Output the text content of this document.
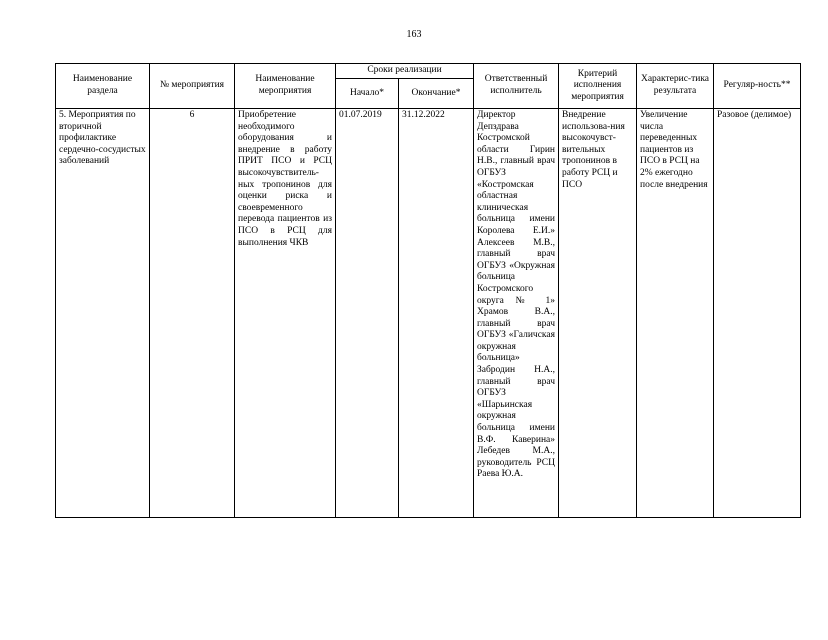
163
Наименование раздела	№ мероприятия	Наименование мероприятия	Сроки реализации		Ответственный исполнитель	Критерий исполнения мероприятия	Характерис-тика результата	Регуляр-ность**
			Начало*	Окончание*				
5. Мероприятия по вторичной профилактике сердечно-сосудистых заболеваний	6	Приобретение необходимого оборудования и внедрение в работу ПРИТ ПСО и РСЦ высокочувствитель-ных тропонинов для оценки риска и своевременного перевода пациентов из ПСО в РСЦ для выполнения ЧКВ	01.07.2019	31.12.2022	Директор Депздрава Костромской области Гирин Н.В., главный врач ОГБУЗ «Костромская областная клиническая больница имени Королева Е.И.» Алексеев М.В., главный врач ОГБУЗ «Окружная больница Костромского округа № 1» Храмов В.А., главный врач ОГБУЗ «Галичская окружная больница» Забродин Н.А., главный врач ОГБУЗ «Шарьинская окружная больница имени В.Ф. Каверина» Лебедев М.А., руководитель РСЦ Раева Ю.А.	Внедрение использова-ния высокочувст-вительных тропонинов в работу РСЦ и ПСО	Увеличение числа переведенных пациентов из ПСО в РСЦ на 2% ежегодно после внедрения	Разовое (делимое)
